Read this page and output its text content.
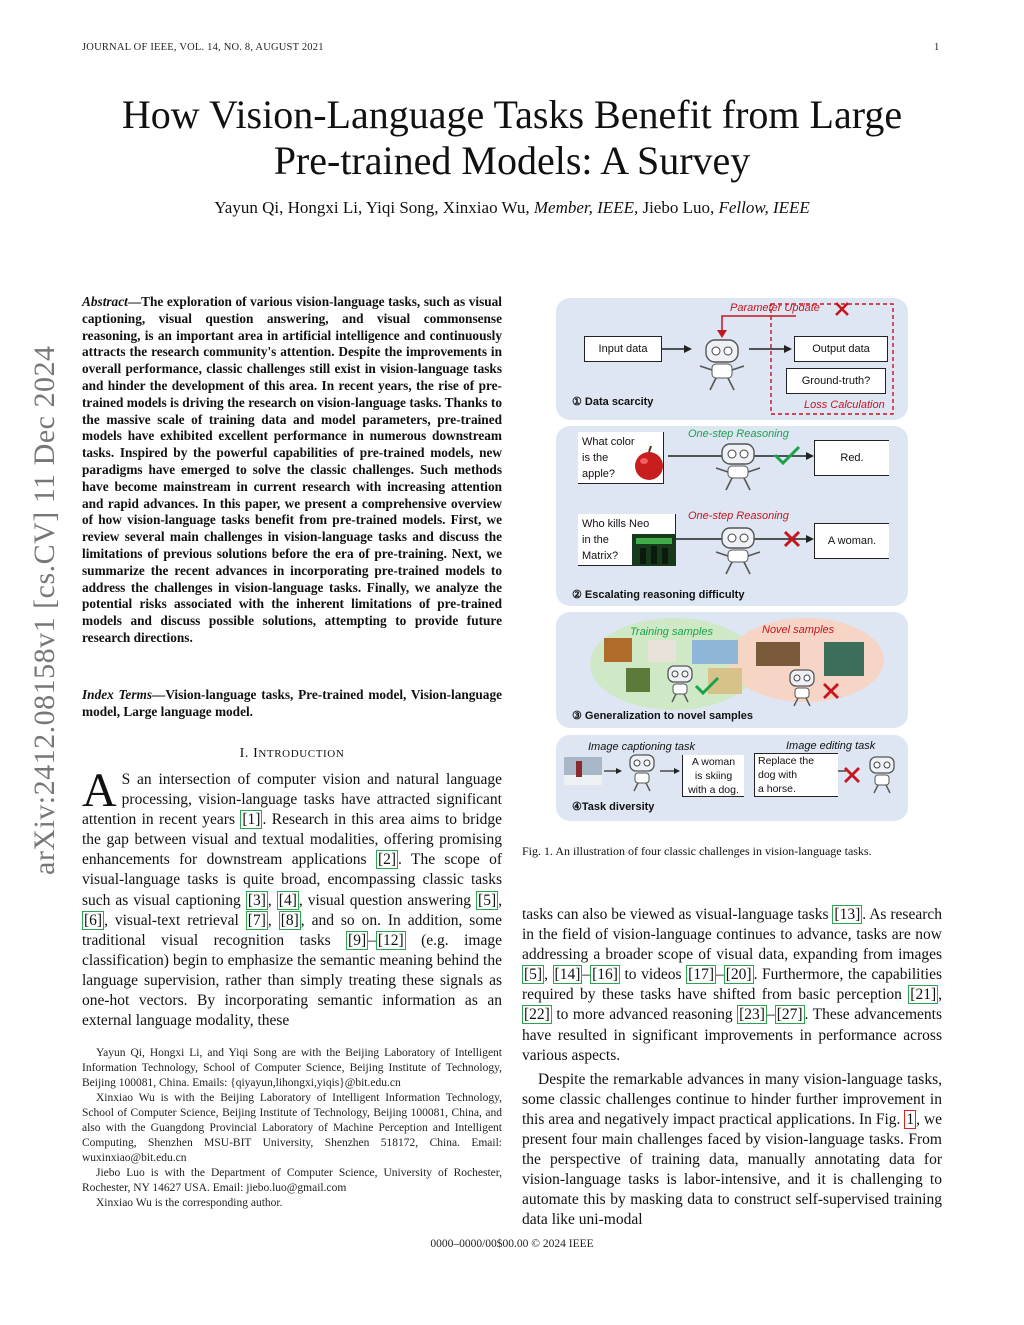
JOURNAL OF IEEE, VOL. 14, NO. 8, AUGUST 2021	1
How Vision-Language Tasks Benefit from Large
Pre-trained Models: A Survey
Yayun Qi, Hongxi Li, Yiqi Song, Xinxiao Wu, Member, IEEE, Jiebo Luo, Fellow, IEEE
arXiv:2412.08158v1 [cs.CV] 11 Dec 2024
Abstract—The exploration of various vision-language tasks, such as visual captioning, visual question answering, and visual commonsense reasoning, is an important area in artificial intelligence and continuously attracts the research community's attention. Despite the improvements in overall performance, classic challenges still exist in vision-language tasks and hinder the development of this area. In recent years, the rise of pre-trained models is driving the research on vision-language tasks. Thanks to the massive scale of training data and model parameters, pre-trained models have exhibited excellent performance in numerous downstream tasks. Inspired by the powerful capabilities of pre-trained models, new paradigms have emerged to solve the classic challenges. Such methods have become mainstream in current research with increasing attention and rapid advances. In this paper, we present a comprehensive overview of how vision-language tasks benefit from pre-trained models. First, we review several main challenges in vision-language tasks and discuss the limitations of previous solutions before the era of pre-training. Next, we summarize the recent advances in incorporating pre-trained models to address the challenges in vision-language tasks. Finally, we analyze the potential risks associated with the inherent limitations of pre-trained models and discuss possible solutions, attempting to provide future research directions.
Index Terms—Vision-language tasks, Pre-trained model, Vision-language model, Large language model.
I. INTRODUCTION
A S an intersection of computer vision and natural language processing, vision-language tasks have attracted significant attention in recent years [1] . Research in this area aims to bridge the gap between visual and textual modalities, offering promising enhancements for downstream applications [2] . The scope of visual-language tasks is quite broad, encompassing classic tasks such as visual captioning [3] , [4] , visual question answering [5] , [6] , visual-text retrieval [7] , [8] , and so on. In addition, some traditional visual recognition tasks [9] – [12] (e.g. image classification) begin to emphasize the semantic meaning behind the language supervision, rather than simply treating these signals as one-hot vectors. By incorporating semantic information as an external language modality, these

Yayun Qi, Hongxi Li, and Yiqi Song are with the Beijing Laboratory of Intelligent Information Technology, School of Computer Science, Beijing Institute of Technology, Beijing 100081, China. Emails: {qiyayun,lihongxi,yiqis}@bit.edu.cn

Xinxiao Wu is with the Beijing Laboratory of Intelligent Information Technology, School of Computer Science, Beijing Institute of Technology, Beijing 100081, China, and also with the Guangdong Provincial Laboratory of Machine Perception and Intelligent Computing, Shenzhen MSU-BIT University, Shenzhen 518172, China. Email: wuxinxiao@bit.edu.cn

Jiebo Luo is with the Department of Computer Science, University of Rochester, Rochester, NY 14627 USA. Email: jiebo.luo@gmail.com

Xinxiao Wu is the corresponding author.

Parameter Update
Input data	Output data
Ground-truth?
Loss Calculation
① Data scarcity
What color
is the
apple?
One-step Reasoning
Red.
Who kills Neo
in the
Matrix?
One-step Reasoning
A woman.
② Escalating reasoning difficulty
Training samples	Novel samples
③ Generalization to novel samples
Image captioning task	Image editing task
A woman
is skiing
with a dog.
Replace the
dog with
a horse.
④Task diversity
Fig. 1. An illustration of four classic challenges in vision-language tasks.

tasks can also be viewed as visual-language tasks [13] . As research in the field of vision-language continues to advance, tasks are now addressing a broader scope of visual data, expanding from images [5] , [14] – [16] to videos [17] – [20] . Furthermore, the capabilities required by these tasks have shifted from basic perception [21] , [22] to more advanced reasoning [23] – [27] . These advancements have resulted in significant improvements in performance across various aspects.

Despite the remarkable advances in many vision-language tasks, some classic challenges continue to hinder further improvement in this area and negatively impact practical applications. In Fig. 1 , we present four main challenges faced by vision-language tasks. From the perspective of training data, manually annotating data for vision-language tasks is labor-intensive, and it is challenging to automate this by masking data to construct self-supervised training data like uni-modal

0000–0000/00$00.00 © 2024 IEEE
